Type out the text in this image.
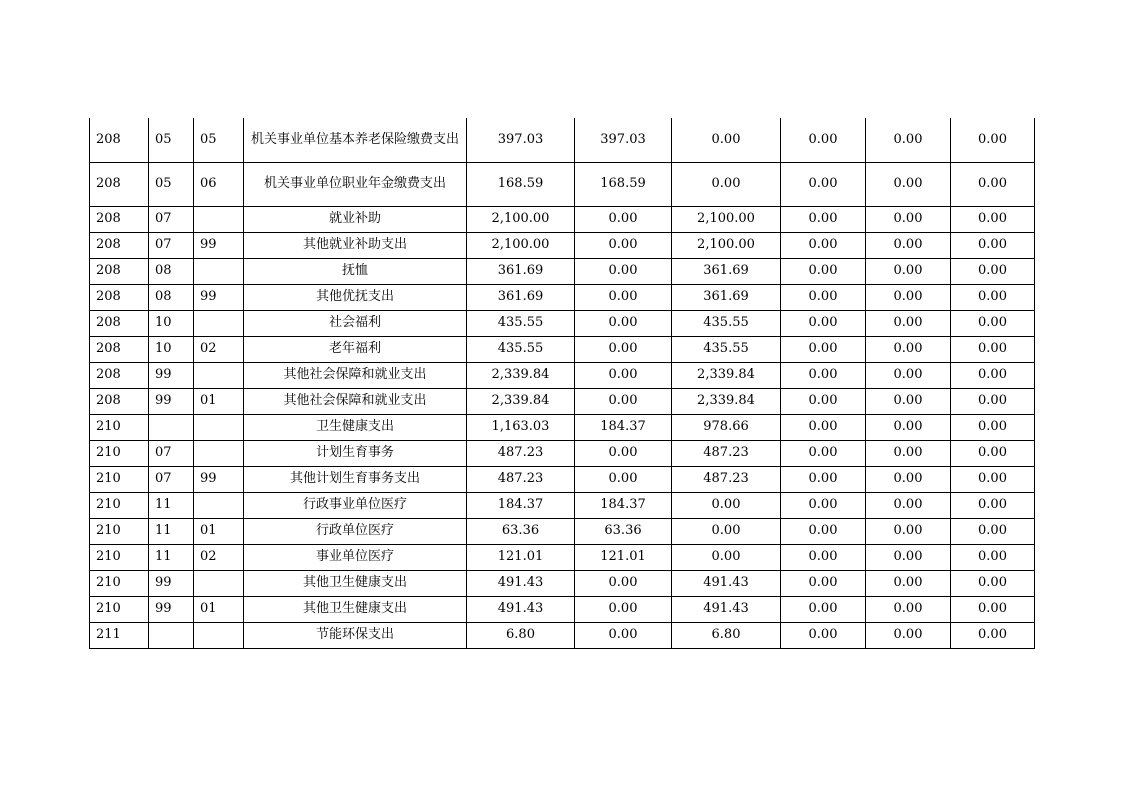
208	05	05	机关事业单位基本养老保险缴费支出	397.03	397.03	0.00	0.00	0.00	0.00
208	05	06	机关事业单位职业年金缴费支出	168.59	168.59	0.00	0.00	0.00	0.00
208	07		就业补助	2,100.00	0.00	2,100.00	0.00	0.00	0.00
208	07	99	其他就业补助支出	2,100.00	0.00	2,100.00	0.00	0.00	0.00
208	08		抚恤	361.69	0.00	361.69	0.00	0.00	0.00
208	08	99	其他优抚支出	361.69	0.00	361.69	0.00	0.00	0.00
208	10		社会福利	435.55	0.00	435.55	0.00	0.00	0.00
208	10	02	老年福利	435.55	0.00	435.55	0.00	0.00	0.00
208	99		其他社会保障和就业支出	2,339.84	0.00	2,339.84	0.00	0.00	0.00
208	99	01	其他社会保障和就业支出	2,339.84	0.00	2,339.84	0.00	0.00	0.00
210			卫生健康支出	1,163.03	184.37	978.66	0.00	0.00	0.00
210	07		计划生育事务	487.23	0.00	487.23	0.00	0.00	0.00
210	07	99	其他计划生育事务支出	487.23	0.00	487.23	0.00	0.00	0.00
210	11		行政事业单位医疗	184.37	184.37	0.00	0.00	0.00	0.00
210	11	01	行政单位医疗	63.36	63.36	0.00	0.00	0.00	0.00
210	11	02	事业单位医疗	121.01	121.01	0.00	0.00	0.00	0.00
210	99		其他卫生健康支出	491.43	0.00	491.43	0.00	0.00	0.00
210	99	01	其他卫生健康支出	491.43	0.00	491.43	0.00	0.00	0.00
211			节能环保支出	6.80	0.00	6.80	0.00	0.00	0.00
